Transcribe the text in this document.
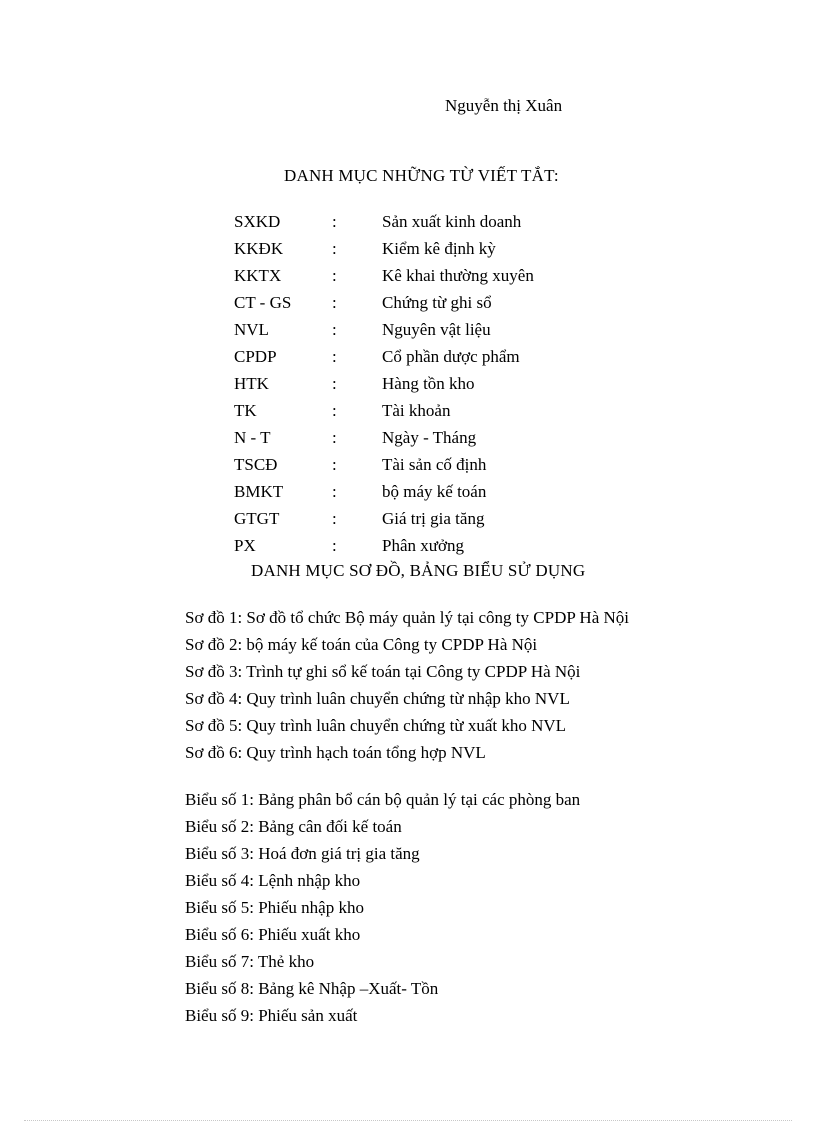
Nguyễn thị Xuân
DANH MỤC NHỮNG TỪ VIẾT TẮT:
SXKD	:	Sản xuất kinh doanh
KKĐK	:	Kiểm kê định kỳ
KKTX	:	Kê khai thường xuyên
CT - GS :	Chứng từ ghi sổ
NVL	:	Nguyên vật liệu
CPDP	:	Cổ phần dược phẩm
HTK	:	Hàng tồn kho
TK	:	Tài khoản
N - T	:	Ngày - Tháng
TSCĐ	:	Tài sản cố định
BMKT	:	bộ máy kế toán
GTGT	:	Giá trị gia tăng
PX	:	Phân xưởng
DANH MỤC SƠ ĐỒ, BẢNG BIỂU SỬ DỤNG
Sơ đồ 1: Sơ đồ tổ chức Bộ máy quản lý tại công ty CPDP Hà Nội
Sơ đồ 2: bộ máy kế toán của Công ty CPDP Hà Nội
Sơ đồ 3: Trình tự ghi sổ kế toán tại Công ty CPDP Hà Nội
Sơ đồ 4: Quy trình luân chuyển chứng từ nhập kho NVL
Sơ đồ 5: Quy trình luân chuyển chứng từ xuất kho NVL
Sơ đồ 6: Quy trình hạch toán tổng hợp NVL
Biểu số 1: Bảng phân bổ cán bộ quản lý tại các phòng ban
Biểu số 2: Bảng cân đối kế toán
Biểu số 3: Hoá đơn giá trị gia tăng
Biểu số 4: Lệnh nhập kho
Biểu số 5: Phiếu nhập kho
Biểu số 6: Phiếu xuất kho
Biểu số 7: Thẻ kho
Biểu số 8: Bảng kê Nhập –Xuất- Tồn
Biểu số 9: Phiếu sản xuất
